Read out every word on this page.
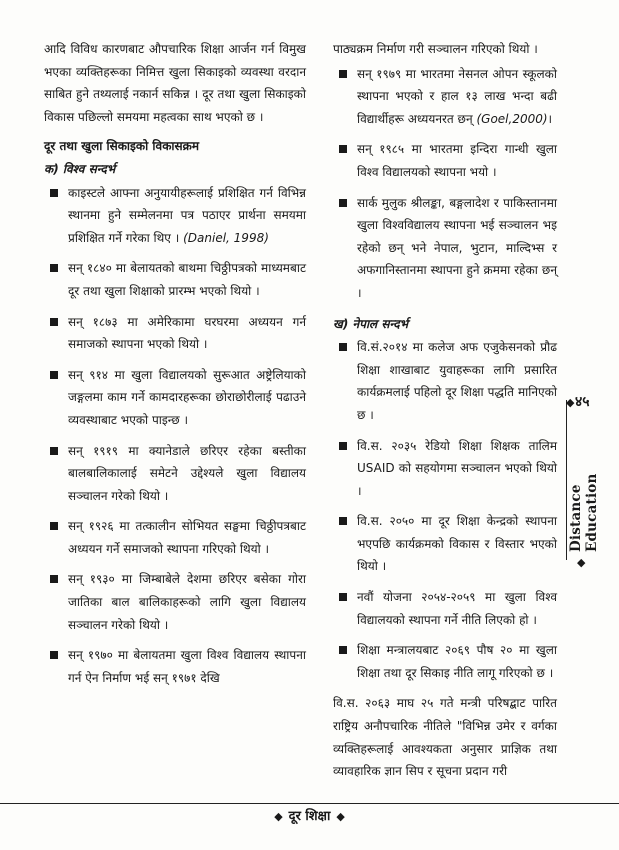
आदि विविध कारणबाट औपचारिक शिक्षा आर्जन गर्न विमुख भएका व्यक्तिहरूका निमित्त खुला सिकाइको व्यवस्था वरदान साबित हुने तथ्यलाई नकार्न सकिन्न । दूर तथा खुला सिकाइको विकास पछिल्लो समयमा महत्वका साथ भएको छ ।

दूर तथा खुला सिकाइको विकासक्रम
क) विश्व सन्दर्भ
काइस्टले आफ्ना अनुयायीहरूलाई प्रशिक्षित गर्न विभिन्न स्थानमा हुने सम्मेलनमा पत्र पठाएर प्रार्थना समयमा प्रशिक्षित गर्ने गरेका थिए । (Daniel, 1998)
सन् १८४० मा बेलायतको बाथमा चिठ्ठीपत्रको माध्यमबाट दूर तथा खुला शिक्षाको प्रारम्भ भएको थियो ।
सन् १८७३ मा अमेरिकामा घरघरमा अध्ययन गर्न समाजको स्थापना भएको थियो ।
सन् ९१४ मा खुला विद्यालयको सुरूआत अष्ट्रेलियाको जङ्गलमा काम गर्ने कामदारहरूका छोराछोरीलाई पढाउने व्यवस्थाबाट भएको पाइन्छ ।
सन् १९१९ मा क्यानेडाले छरिएर रहेका बस्तीका बालबालिकालाई समेटने उद्देश्यले खुला विद्यालय सञ्चालन गरेको थियो ।
सन् १९२६ मा तत्कालीन सोभियत सङ्घमा चिठ्ठीपत्रबाट अध्ययन गर्ने समाजको स्थापना गरिएको थियो ।
सन् १९३० मा जिम्बाबेले देशमा छरिएर बसेका गोरा जातिका बाल बालिकाहरूको लागि खुला विद्यालय सञ्चालन गरेको थियो ।
सन् १९७० मा बेलायतमा खुला विश्व विद्यालय स्थापना गर्न ऐन निर्माण भई सन् १९७१ देखि

पाठ्यक्रम निर्माण गरी सञ्चालन गरिएको थियो ।

सन् १९७९ मा भारतमा नेसनल ओपन स्कूलको स्थापना भएको र हाल १३ लाख भन्दा बढी विद्यार्थीहरू अध्ययनरत छन् (Goel,2000)।
सन् १९८५ मा भारतमा इन्दिरा गान्धी खुला विश्व विद्यालयको स्थापना भयो ।
सार्क मुलुक श्रीलङ्का, बङ्गलादेश र पाकिस्तानमा खुला विश्वविद्यालय स्थापना भई सञ्चालन भइ रहेको छन् भने नेपाल, भुटान, माल्दिभ्स र अफगानिस्तानमा स्थापना हुने क्रममा रहेका छन् ।
ख) नेपाल सन्दर्भ
वि.सं.२०१४ मा कलेज अफ एजुकेसनको प्रौढ शिक्षा शाखाबाट युवाहरूका लागि प्रसारित कार्यक्रमलाई पहिलो दूर शिक्षा पद्धति मानिएको छ ।
वि.स. २०३५ रेडियो शिक्षा शिक्षक तालिम USAID को सहयोगमा सञ्चालन भएको थियो ।
वि.स. २०५० मा दूर शिक्षा केन्द्रको स्थापना भएपछि कार्यक्रमको विकास र विस्तार भएको थियो ।
नवौं योजना २०५४-२०५९ मा खुला विश्व विद्यालयको स्थापना गर्ने नीति लिएको हो ।
शिक्षा मन्त्रालयबाट २०६९ पौष २० मा खुला शिक्षा तथा दूर सिकाइ नीति लागू गरिएको छ ।

वि.स. २०६३ माघ २५ गते मन्त्री परिषद्बाट पारित राष्ट्रिय अनौपचारिक नीतिले "विभिन्न उमेर र वर्गका व्यक्तिहरूलाई आवश्यकता अनुसार प्राज्ञिक तथा व्यावहारिक ज्ञान सिप र सूचना प्रदान गरी

◆ ४५
Distance Education
◆
◆ दूर शिक्षा ◆
